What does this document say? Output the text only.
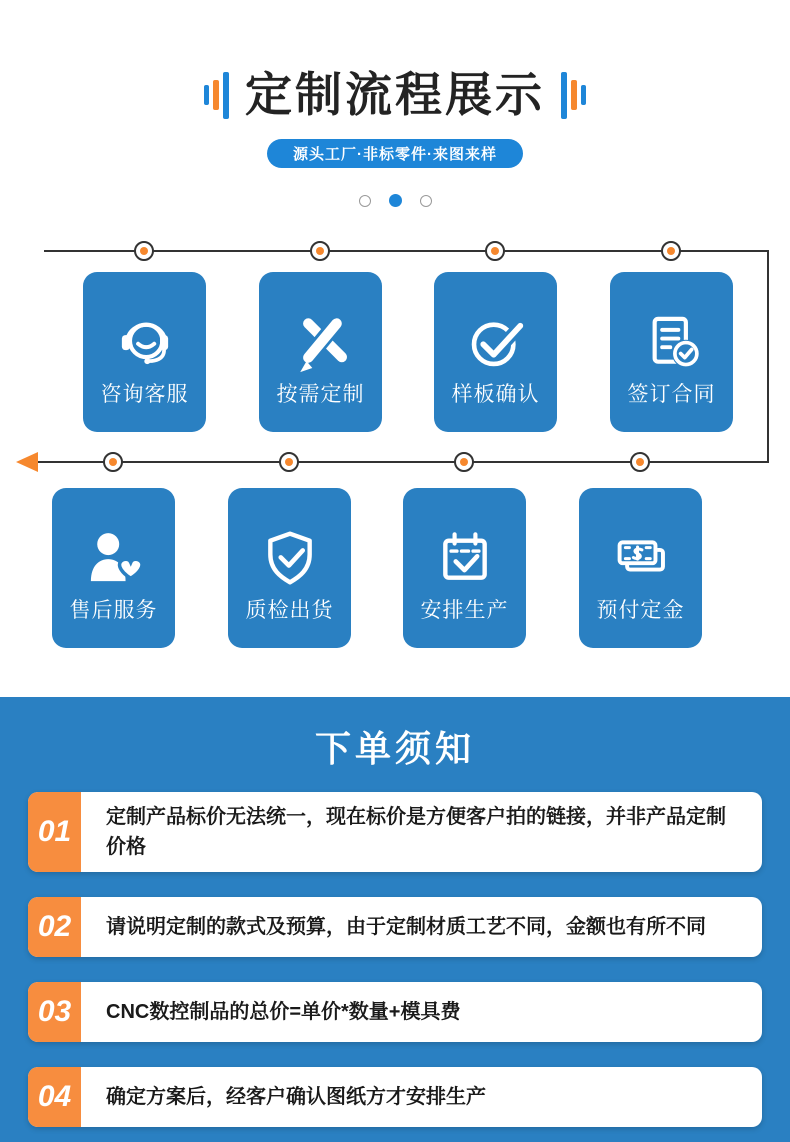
定制流程展示
源头工厂·非标零件·来图来样
咨询客服	按需定制	样板确认	签订合同
售后服务	质检出货	安排生产	预付定金
下单须知
01	定制产品标价无法统一，现在标价是方便客户拍的链接，并非产品定制价格
02	请说明定制的款式及预算，由于定制材质工艺不同，金额也有所不同
03	CNC数控制品的总价=单价*数量+模具费
04	确定方案后，经客户确认图纸方才安排生产
